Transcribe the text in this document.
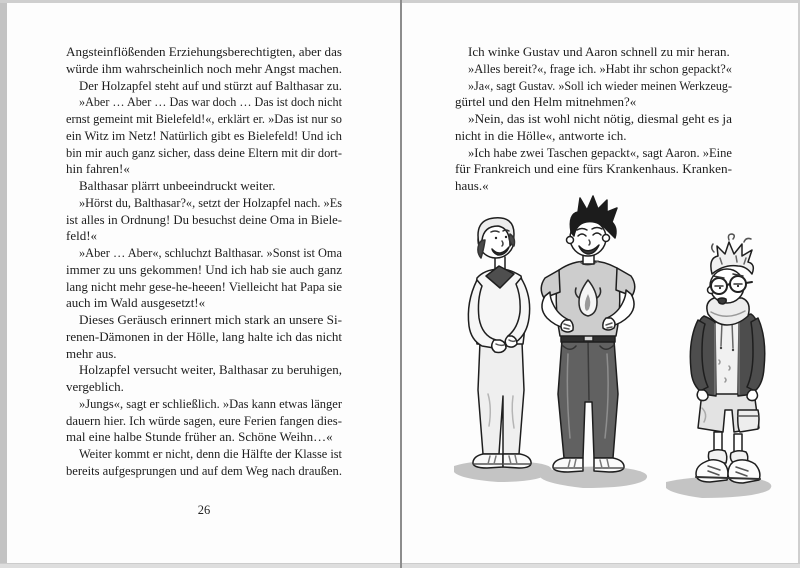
Angsteinflößenden Erziehungsberechtigten, aber das
würde ihm wahrscheinlich noch mehr Angst machen.
Der Holzapfel steht auf und stürzt auf Balthasar zu.
»Aber … Aber … Das war doch … Das ist doch nicht
ernst gemeint mit Bielefeld!«, erklärt er. »Das ist nur so
ein Witz im Netz! Natürlich gibt es Bielefeld! Und ich
bin mir auch ganz sicher, dass deine Eltern mit dir dort-
hin fahren!«
Balthasar plärrt unbeeindruckt weiter.
»Hörst du, Balthasar?«, setzt der Holzapfel nach. »Es
ist alles in Ordnung! Du besuchst deine Oma in Biele-
feld!«
»Aber … Aber«, schluchzt Balthasar. »Sonst ist Oma
immer zu uns gekommen! Und ich hab sie auch ganz
lang nicht mehr gese-he-heeen! Vielleicht hat Papa sie
auch im Wald ausgesetzt!«
Dieses Geräusch erinnert mich stark an unsere Si-
renen-Dämonen in der Hölle, lang halte ich das nicht
mehr aus.
Holzapfel versucht weiter, Balthasar zu beruhigen,
vergeblich.
»Jungs«, sagt er schließlich. »Das kann etwas länger
dauern hier. Ich würde sagen, eure Ferien fangen dies-
mal eine halbe Stunde früher an. Schöne Weihn…«
Weiter kommt er nicht, denn die Hälfte der Klasse ist
bereits aufgesprungen und auf dem Weg nach draußen.
26
Ich winke Gustav und Aaron schnell zu mir heran.
»Alles bereit?«, frage ich. »Habt ihr schon gepackt?«
»Ja«, sagt Gustav. »Soll ich wieder meinen Werkzeug-
gürtel und den Helm mitnehmen?«
»Nein, das ist wohl nicht nötig, diesmal geht es ja
nicht in die Hölle«, antworte ich.
»Ich habe zwei Taschen gepackt«, sagt Aaron. »Eine
für Frankreich und eine fürs Krankenhaus. Kranken-
haus.«
